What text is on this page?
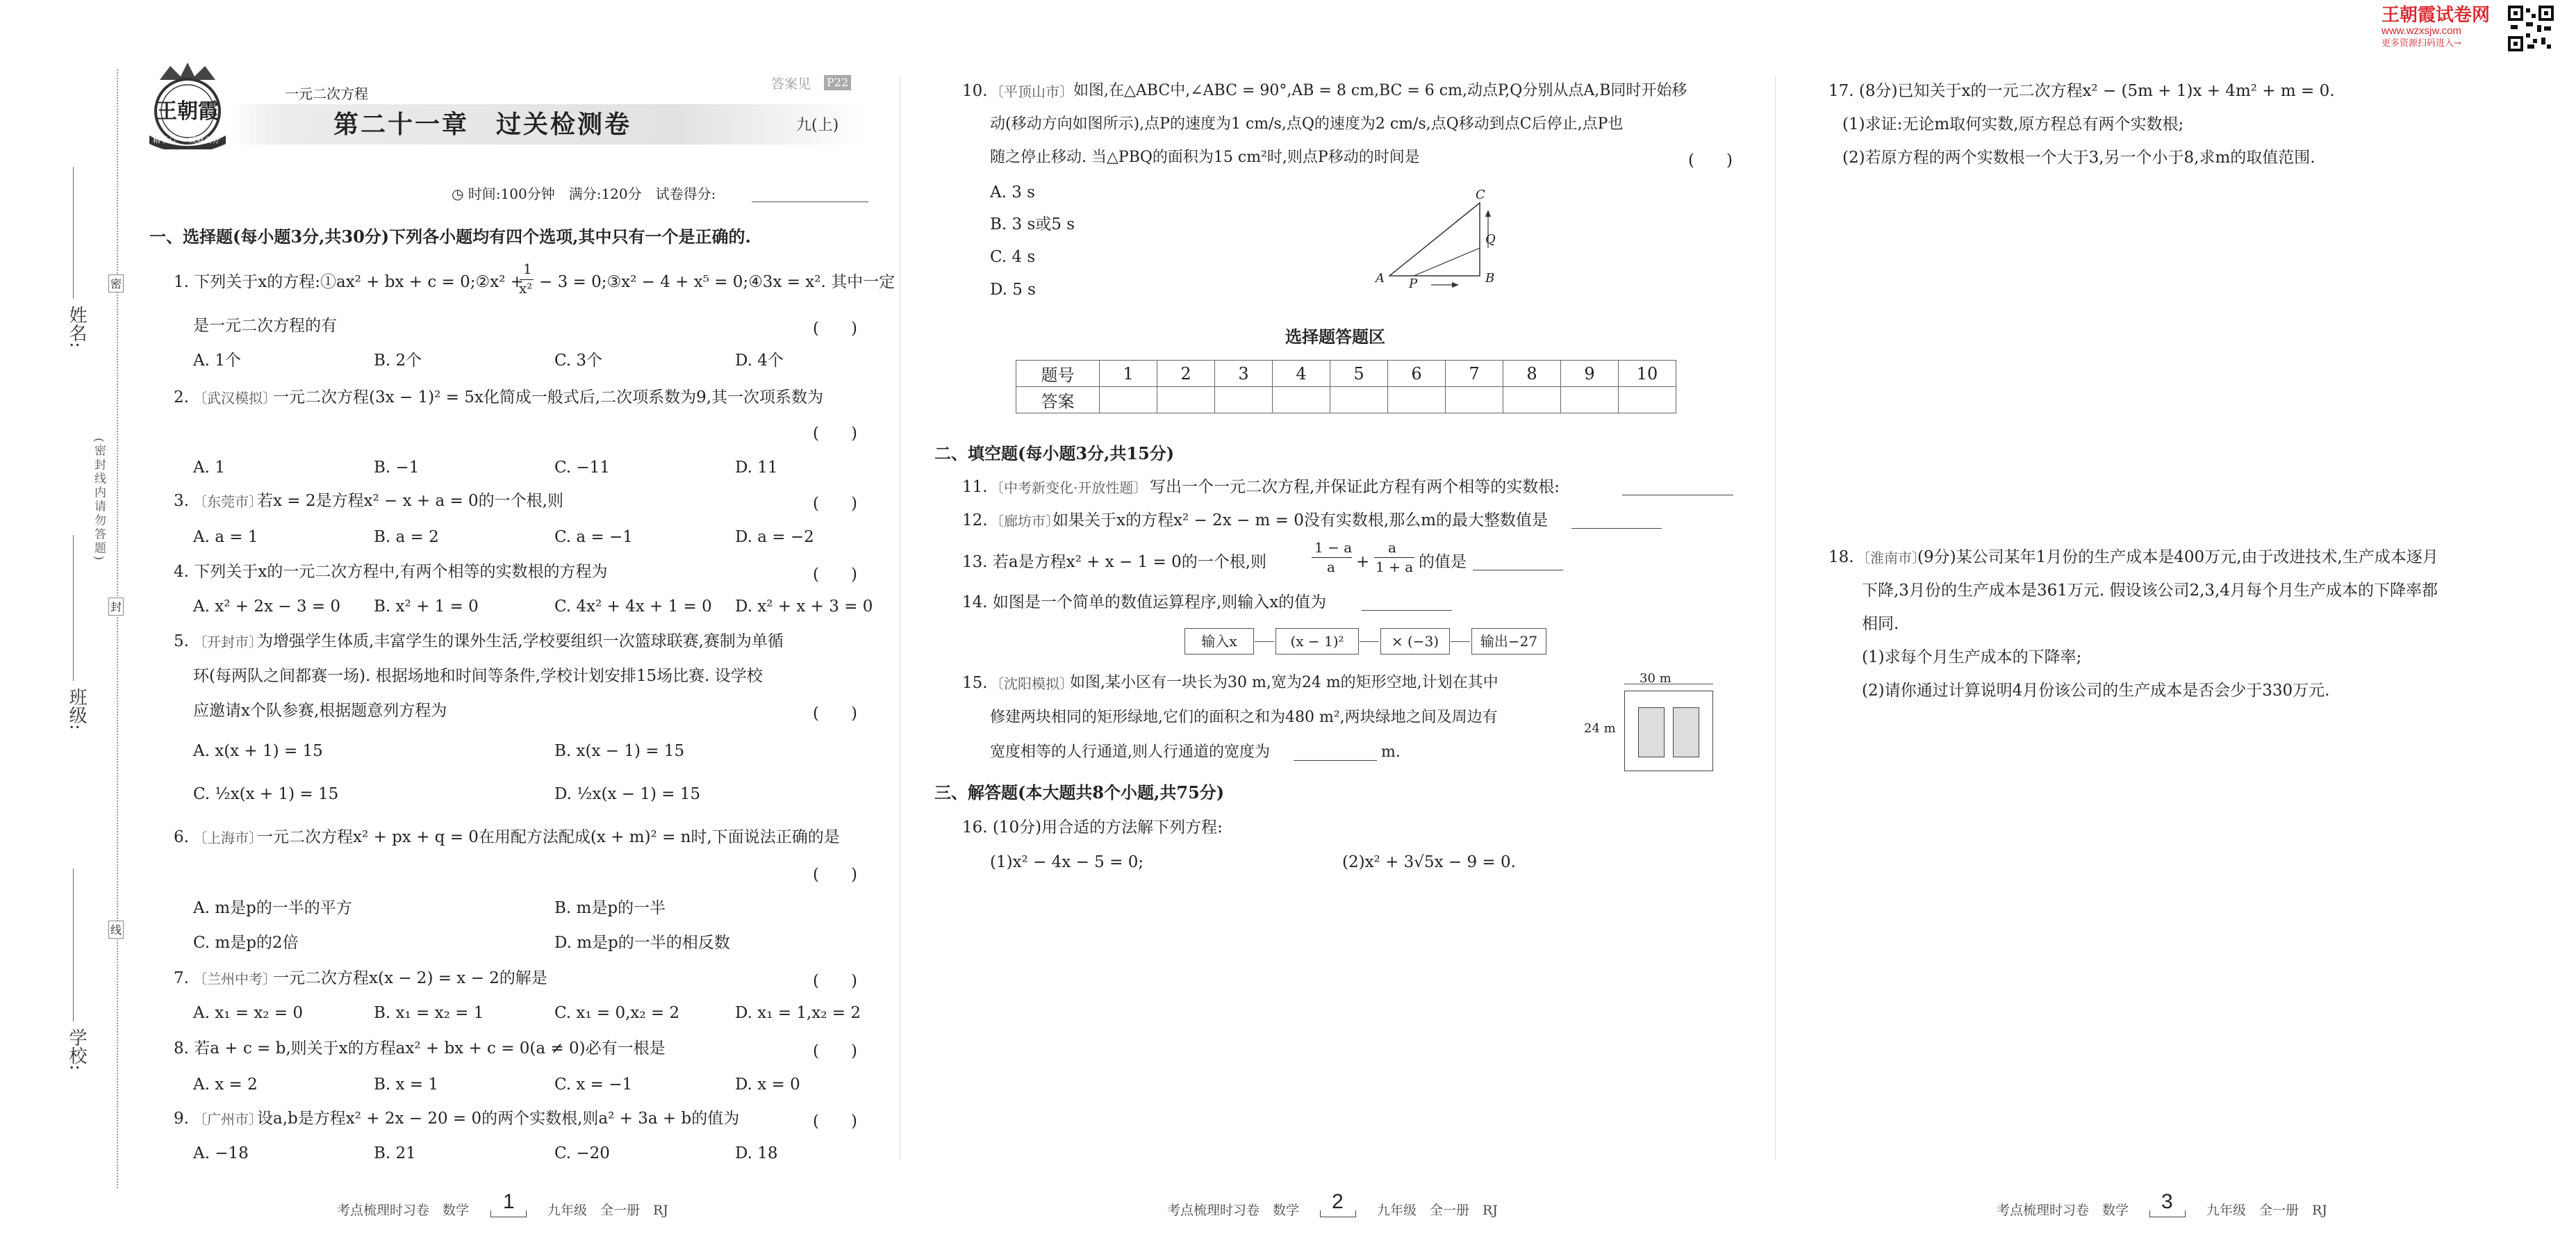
姓名:
班级:
学校:
(密封线内请勿答题)
密
封
线
王朝霞
精于心· 成就高分
一元二次方程
第二十一章　过关检测卷
答案见 P22
九(上)
◷ 时间:100分钟　满分:120分　试卷得分:
王朝霞试卷网
www.wzxsjw.com
更多资源扫码进入→
一、选择题(每小题3分,共30分)下列各小题均有四个选项,其中只有一个是正确的.
1. 下列关于x的方程:①ax² + bx + c = 0;②x² +
1
x² − 3 = 0;③x² − 4 + x⁵ = 0;④3x = x². 其中一定
是一元二次方程的有	(　　)
A. 1个	B. 2个	C. 3个	D. 4个
2. 〔武汉模拟〕
一元二次方程(3x − 1)² = 5x化简成一般式后,二次项系数为9,其一次项系数为
(　　)
A. 1	B. −1	C. −11	D. 11
3. 〔东莞市〕
若x = 2是方程x² − x + a = 0的一个根,则	(　　)
A. a = 1	B. a = 2	C. a = −1	D. a = −2
4. 下列关于x的一元二次方程中,有两个相等的实数根的方程为	(　　)
A. x² + 2x − 3 = 0 B. x² + 1 = 0	C. 4x² + 4x + 1 = 0 D. x² + x + 3 = 0
5. 〔开封市〕
为增强学生体质,丰富学生的课外生活,学校要组织一次篮球联赛,赛制为单循
环(每两队之间都赛一场). 根据场地和时间等条件,学校计划安排15场比赛. 设学校
应邀请x个队参赛,根据题意列方程为	(　　)
A. x(x + 1) = 15	B. x(x − 1) = 15
C. ½x(x + 1) = 15	D. ½x(x − 1) = 15
6. 〔上海市〕
一元二次方程x² + px + q = 0在用配方法配成(x + m)² = n时,下面说法正确的是
(　　)
A. m是p的一半的平方	B. m是p的一半
C. m是p的2倍	D. m是p的一半的相反数
7. 〔兰州中考〕
一元二次方程x(x − 2) = x − 2的解是	(　　)
A. x₁ = x₂ = 0	B. x₁ = x₂ = 1	C. x₁ = 0,x₂ = 2	D. x₁ = 1,x₂ = 2
8. 若a + c = b,则关于x的方程ax² + bx + c = 0(a ≠ 0)必有一根是	(　　)
A. x = 2	B. x = 1	C. x = −1	D. x = 0
9. 〔广州市〕
设a,b是方程x² + 2x − 20 = 0的两个实数根,则a² + 3a + b的值为	(　　)
A. −18	B. 21	C. −20	D. 18
10. 〔平顶山市〕 如图,在△ABC中,∠ABC = 90°,AB = 8 cm,BC = 6 cm,动点P,Q分别从点A,B同时开始移
动(移动方向如图所示),点P的速度为1 cm/s,点Q的速度为2 cm/s,点Q移动到点C后停止,点P也
随之停止移动. 当△PBQ的面积为15 cm²时,则点P移动的时间是	(　　)
A. 3 s
B. 3 s或5 s
C. 4 s
D. 5 s
A P	B
Q
C
选择题答题区
题号	1	2	3	4	5	6	7	8	9	10
答案										
二、填空题(每小题3分,共15分)
11. 〔中考新变化·开放性题〕 写出一个一元二次方程,并保证此方程有两个相等的实数根:
12. 〔廊坊市〕
如果关于x的方程x² − 2x − m = 0没有实数根,那么m的最大整数值是
13. 若a是方程x² + x − 1 = 0的一个根,则
1 − a
a +
a
1 + a 的值是
14. 如图是一个简单的数值运算程序,则输入x的值为
输入x	(x − 1)²	× (−3)	输出−27
15. 〔沈阳模拟〕
如图,某小区有一块长为30 m,宽为24 m的矩形空地,计划在其中
修建两块相同的矩形绿地,它们的面积之和为480 m²,两块绿地之间及周边有
宽度相等的人行通道,则人行通道的宽度为	m.
30 m
24 m
三、解答题(本大题共8个小题,共75分)
16. (10分)用合适的方法解下列方程:
(1)x² − 4x − 5 = 0;	(2)x² + 3√5x − 9 = 0.
17. (8分)已知关于x的一元二次方程x² − (5m + 1)x + 4m² + m = 0.
(1)求证:无论m取何实数,原方程总有两个实数根;
(2)若原方程的两个实数根一个大于3,另一个小于8,求m的取值范围.
18. 〔淮南市〕
(9分)某公司某年1月份的生产成本是400万元,由于改进技术,生产成本逐月
下降,3月份的生产成本是361万元. 假设该公司2,3,4月每个月生产成本的下降率都
相同.
(1)求每个月生产成本的下降率;
(2)请你通过计算说明4月份该公司的生产成本是否会少于330万元.
考点梳理时习卷　数学 1 九年级　全一册　RJ	考点梳理时习卷　数学 2	九年级　全一册　RJ	考点梳理时习卷　数学 3	九年级　全一册　RJ
